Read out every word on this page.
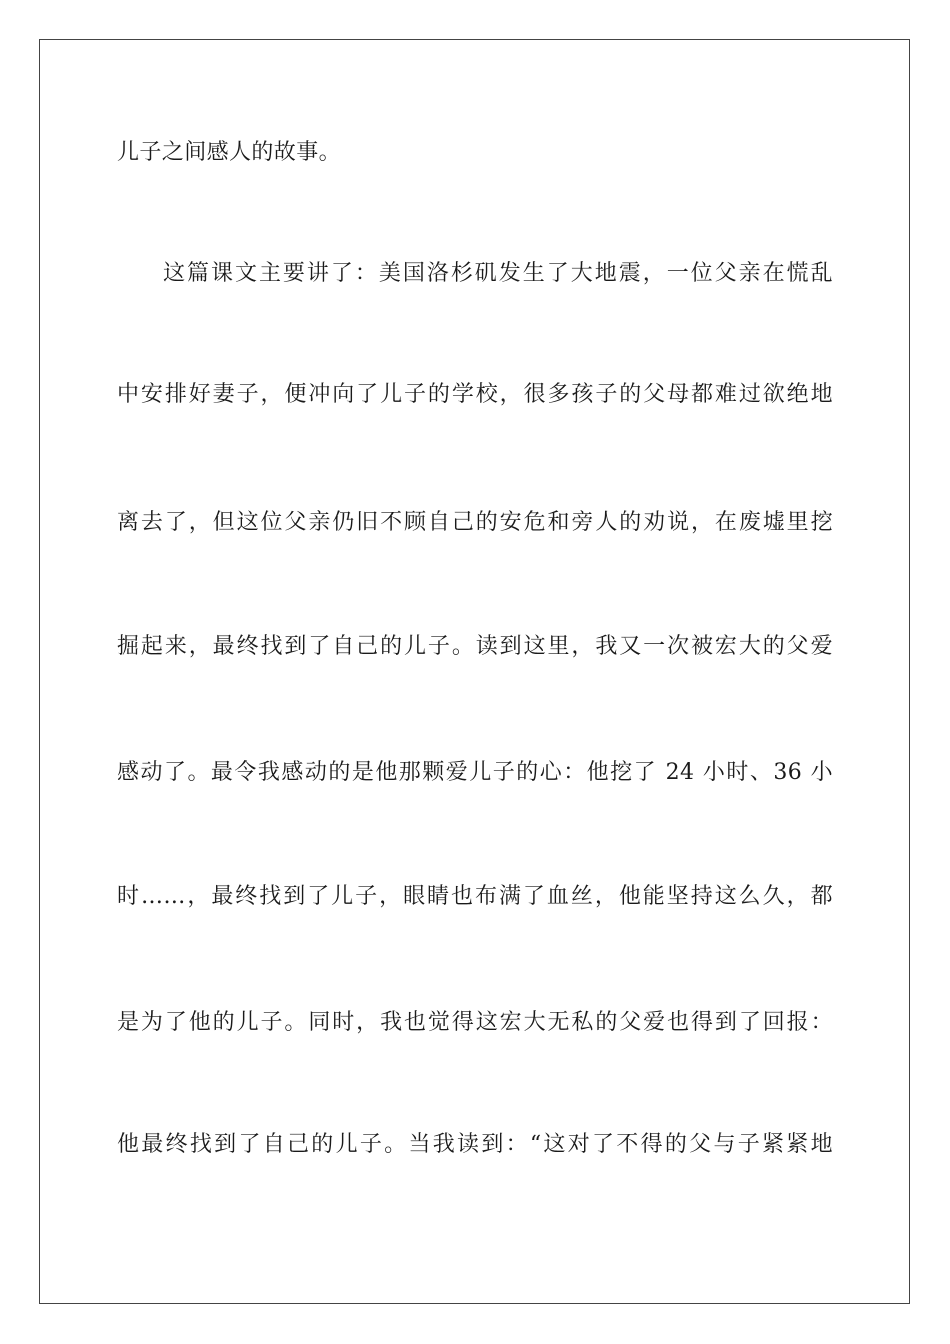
儿子之间感人的故事。
这篇课文主要讲了：美国洛杉矶发生了大地震，一位父亲在慌乱
中安排好妻子，便冲向了儿子的学校，很多孩子的父母都难过欲绝地
离去了，但这位父亲仍旧不顾自己的安危和旁人的劝说，在废墟里挖
掘起来，最终找到了自己的儿子。读到这里，我又一次被宏大的父爱
感动了。最令我感动的是他那颗爱儿子的心：他挖了 24 小时、36 小
时……，最终找到了儿子，眼睛也布满了血丝，他能坚持这么久，都
是为了他的儿子。同时，我也觉得这宏大无私的父爱也得到了回报：
他最终找到了自己的儿子。当我读到：“这对了不得的父与子紧紧地
